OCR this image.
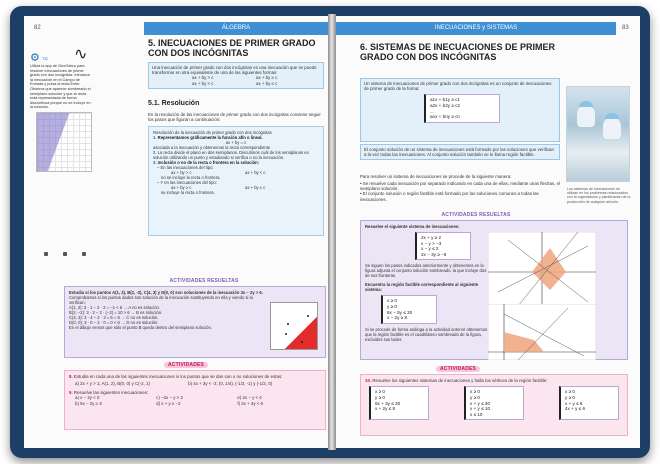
82	ÁLGEBRA
⚙ TIC ∿
Utiliza la app de GeoGebra para resolver inecuaciones de primer grado con dos incógnitas. Introduce la inecuación en el Campo de Entrada y pulsa la tecla Enter. Observa que aparece sombreado el semiplano solución y que la recta está representada de forma discontinua porque no se incluye en la solución.
5. INECUACIONES DE PRIMER GRADO CON DOS INCÓGNITAS
Una inecuación de primer grado con dos incógnitas es una inecuación que se puede transformar en otra equivalente de una de las siguientes formas:
ax + by > c	ax + by ≥ c
ax + by < c	ax + by ≤ c
5.1. Resolución
En la resolución de las inecuaciones de primer grado con dos incógnitas conviene seguir los pasos que figuran a continuación:
Resolución de la inecuación de primer grado con dos incógnitas
1. Representamos gráficamente la función afín o lineal.
ax + by = c
asociada a la inecuación y obtenemos la recta correspondiente.
2. La recta divide el plano en dos semiplanos. Discutimos cuál de los semiplanos es solución utilizando un punto y estudiando si verifica o no la inecuación.
3. Inclusión o no de la recta o frontera en la solución:
– En las inecuaciones del tipo:
ax + by > c	ax + by < c
no se incluye la recta o frontera.
– Y en las inecuaciones del tipo:
ax + by ≥ c	ax + by ≤ c
se incluye la recta o frontera.
ACTIVIDADES RESUELTAS
Estudia si los puntos A(1, 2), B(2, -2), C(4, 3) y D(0, 0) son soluciones de la inecuación 3x − 2y > 6.
Comprobamos si los puntos dados son solución de la inecuación sustituyendo en ella y viendo si la verifican:
A(1, 2): 3 · 1 − 2 · 2 = −1 < 6 → A no es solución.
B(2, −2): 3 · 2 − 2 · (−2) = 10 > 6 → B es solución.
C(4, 3): 3 · 4 − 2 · 3 = 6 = 6 → C no es solución.
D(0, 0): 3 · 0 − 2 · 0 = 0 < 6 → D no es solución.
En el dibujo vemos que sólo el punto B queda dentro del semiplano solución.
ACTIVIDADES
8. Estudia en cada una de las siguientes inecuaciones si los puntos que se dan son o no soluciones de estas:
a) 2x + y > 1; A(1, 2), B(0, 0) y C(-2, 1)	b) 4x + 3y < -2; (0, 1/4), (-1/2, -1) y (-1/2, 0)
9. Resuelve las siguientes inecuaciones:
a) x − 2y < 0	c) −2x − y > 2	e) 2x − y < 4
b) 5x − 2y ≥ 3	d) x + y ≥ −2	f) 2x + 3y < 6
INECUACIONES y SISTEMAS	83
6. SISTEMAS DE INECUACIONES DE PRIMER GRADO CON DOS INCÓGNITAS
Un sistema de inecuaciones de primer grado con dos incógnitas es un conjunto de inecuaciones de primer grado de la forma:
a1x + b1y ≥ c1
a2x + b2y ≥ c2
...
anx + bny ≥ cn
El conjunto solución de un sistema de inecuaciones está formado por las soluciones que verifican a la vez todas las inecuaciones. Al conjunto solución también se le llama región factible.
Los sistemas de inecuaciones se utilizan en los problemas relacionados con la organización y planificación de la producción de cualquier artículo.
Para resolver un sistema de inecuaciones se procede de la siguiente manera:
• Se resuelve cada inecuación por separado indicando en cada una de ellas, mediante unas flechas, el semiplano solución.
• El conjunto solución o región factible está formado por las soluciones comunes a todas las inecuaciones.
ACTIVIDADES RESUELTAS
Resuelve el siguiente sistema de inecuaciones:
2x + y ≥ 2
x − y > −3
x − y ≤ 2
2x − 3y ≥ −6
Se siguen los pasos indicados anteriormente y obtenemos en la figura adjunta el conjunto solución sombreado, la que incluye dos de sus fronteras.
Encuentra la región factible correspondiente al siguiente sistema:
x ≥ 0
y ≥ 0
6x − 5y ≤ 30
x − 2y ≥ 8
Si se procede de forma análoga a la actividad anterior obtenemos que la región factible es el cuadrilátero sombreado de la figura, excluidos sus lados.
ACTIVIDADES
10. Resuelve los siguientes sistemas de inecuaciones y halla los vértices de la región factible:
x ≥ 0
y ≥ 0
6x + 3y ≤ 30
x + 2y ≤ 8
x ≥ 0
y ≥ 0
x + y ≤ 30
x + y ≤ 10
x ≤ 10
x ≥ 0
y ≥ 0
x + y ≤ 6
4x + y ≤ 6
